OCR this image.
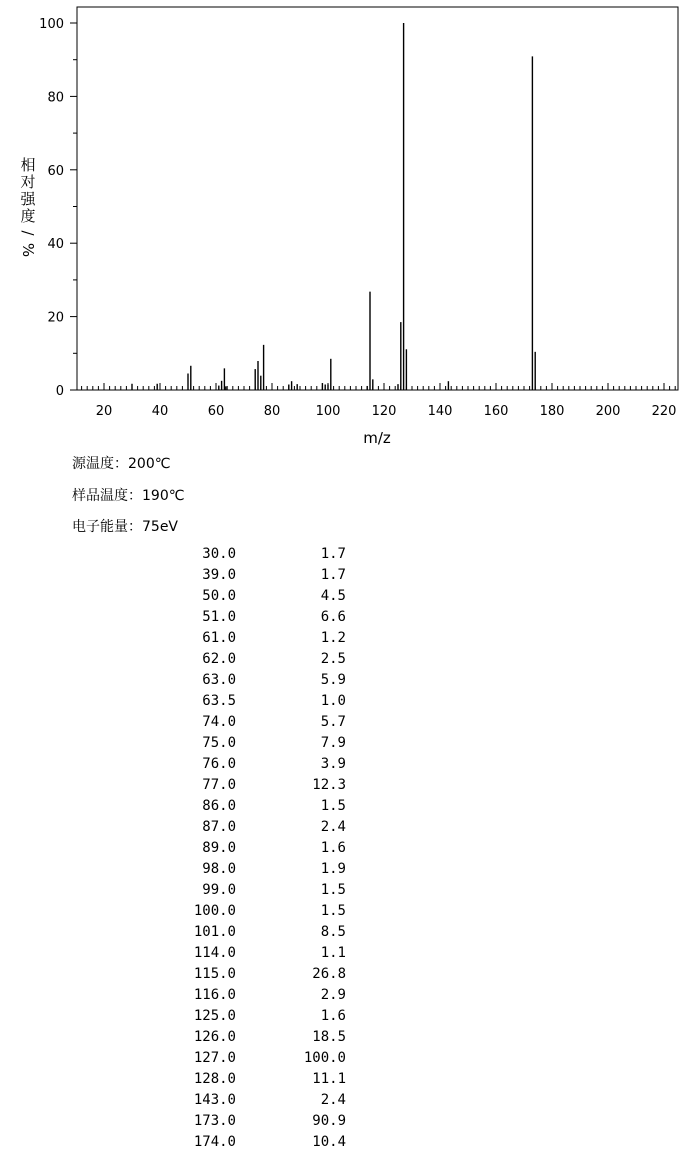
相
对
强
度
/
%
m/z
20	40	60	80	100 120 140 160 180 200 220
0
20
40
60
80
100
源温度：200℃
样品温度：190℃
电子能量：75eV
30.0	1.7
39.0	1.7
50.0	4.5
51.0	6.6
61.0	1.2
62.0	2.5
63.0	5.9
63.5	1.0
74.0	5.7
75.0	7.9
76.0	3.9
77.0	12.3
86.0	1.5
87.0	2.4
89.0	1.6
98.0	1.9
99.0	1.5
100.0	1.5
101.0	8.5
114.0	1.1
115.0	26.8
116.0	2.9
125.0	1.6
126.0	18.5
127.0	100.0
128.0	11.1
143.0	2.4
173.0	90.9
174.0	10.4
